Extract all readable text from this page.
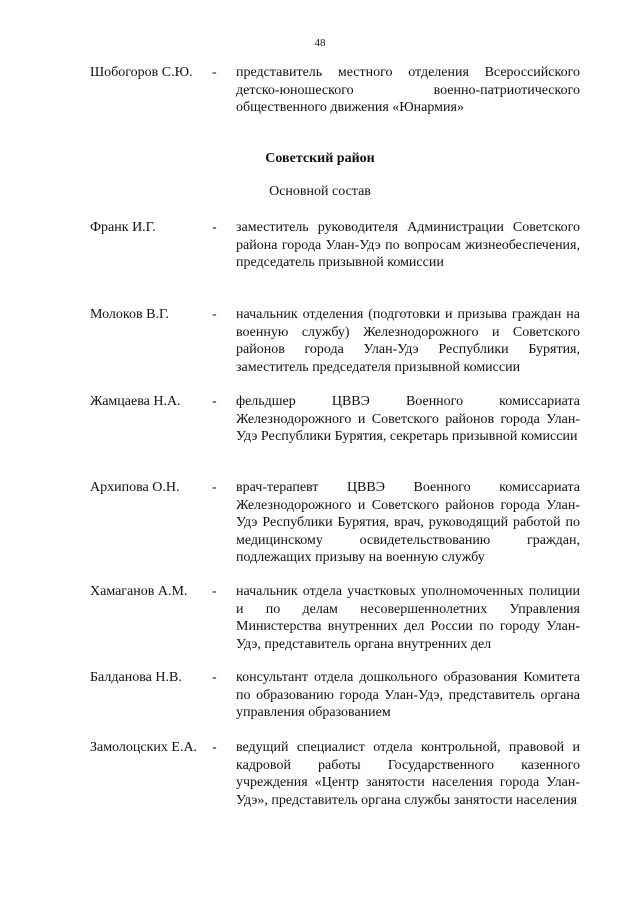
48
Шобогоров С.Ю.	- представитель местного отделения Всероссийского детско-юношеского военно-патриотического общественного движения «Юнармия»
Советский район
Основной состав
Франк И.Г.	- заместитель руководителя Администрации Советского района города Улан-Удэ по вопросам жизнеобеспечения, председатель призывной комиссии
Молоков В.Г.	- начальник отделения (подготовки и призыва граждан на военную службу) Железнодорожного и Советского районов города Улан-Удэ Республики Бурятия, заместитель председателя призывной комиссии
Жамцаева Н.А.	- фельдшер ЦВВЭ Военного комиссариата Железнодорожного и Советского районов города Улан-Удэ Республики Бурятия, секретарь призывной комиссии
Архипова О.Н.	- врач-терапевт ЦВВЭ Военного комиссариата Железнодорожного и Советского районов города Улан-Удэ Республики Бурятия, врач, руководящий работой по медицинскому освидетельствованию граждан, подлежащих призыву на военную службу
Хамаганов А.М.	- начальник отдела участковых уполномоченных полиции и по делам несовершеннолетних Управления Министерства внутренних дел России по городу Улан-Удэ, представитель органа внутренних дел
Балданова Н.В.	- консультант отдела дошкольного образования Комитета по образованию города Улан-Удэ, представитель органа управления образованием
Замолоцских Е.А.	- ведущий специалист отдела контрольной, правовой и кадровой работы Государственного казенного учреждения «Центр занятости населения города Улан-Удэ», представитель органа службы занятости населения
